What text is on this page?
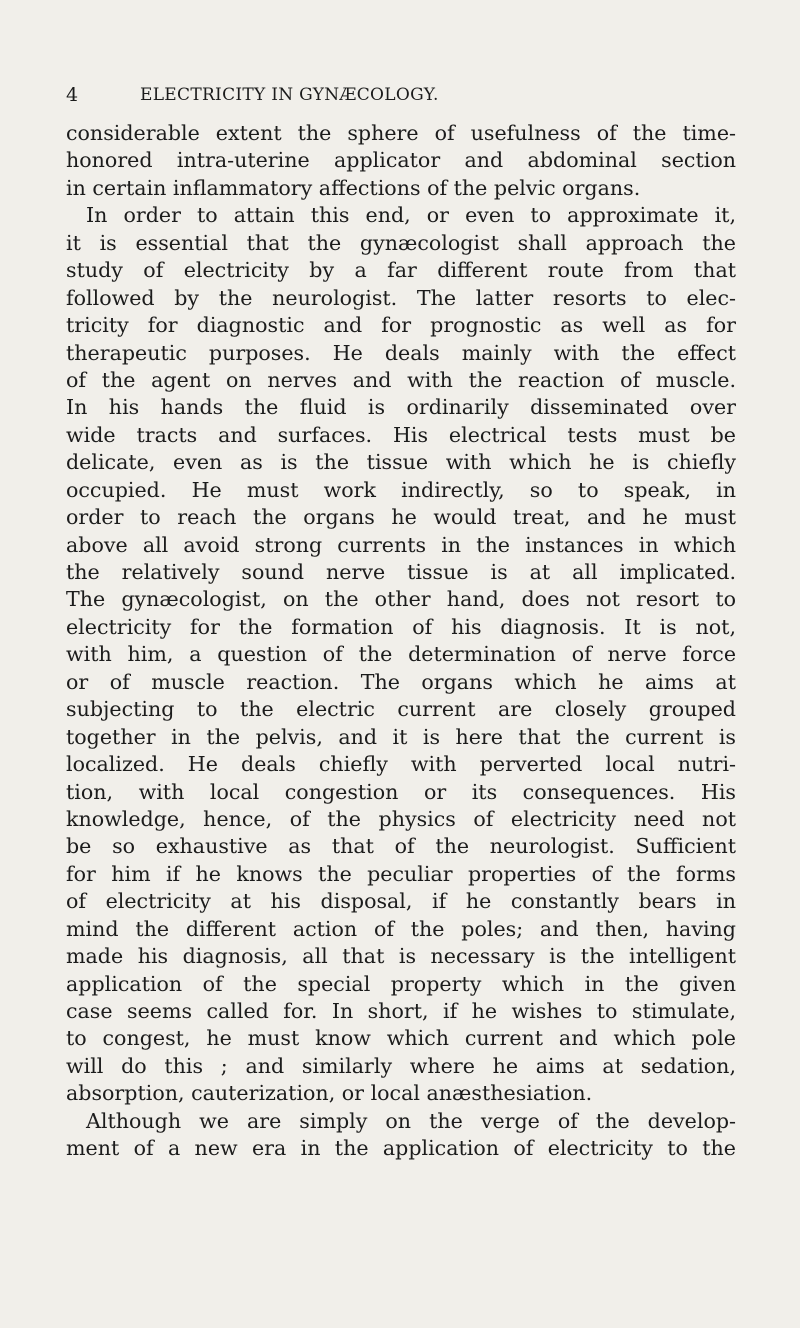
4	ELECTRICITY IN GYNÆCOLOGY.
considerable extent the sphere of usefulness of the time-
honored intra-uterine applicator and abdominal section
in certain inflammatory affections of the pelvic organs.
In order to attain this end, or even to approximate it,
it is essential that the gynæcologist shall approach the
study of electricity by a far different route from that
followed by the neurologist. The latter resorts to elec-
tricity for diagnostic and for prognostic as well as for
therapeutic purposes. He deals mainly with the effect
of the agent on nerves and with the reaction of muscle.
In his hands the fluid is ordinarily disseminated over
wide tracts and surfaces. His electrical tests must be
delicate, even as is the tissue with which he is chiefly
occupied. He must work indirectly, so to speak, in
order to reach the organs he would treat, and he must
above all avoid strong currents in the instances in which
the relatively sound nerve tissue is at all implicated.
The gynæcologist, on the other hand, does not resort to
electricity for the formation of his diagnosis. It is not,
with him, a question of the determination of nerve force
or of muscle reaction. The organs which he aims at
subjecting to the electric current are closely grouped
together in the pelvis, and it is here that the current is
localized. He deals chiefly with perverted local nutri-
tion, with local congestion or its consequences. His
knowledge, hence, of the physics of electricity need not
be so exhaustive as that of the neurologist. Sufficient
for him if he knows the peculiar properties of the forms
of electricity at his disposal, if he constantly bears in
mind the different action of the poles; and then, having
made his diagnosis, all that is necessary is the intelligent
application of the special property which in the given
case seems called for. In short, if he wishes to stimulate,
to congest, he must know which current and which pole
will do this ; and similarly where he aims at sedation,
absorption, cauterization, or local anæsthesiation.
Although we are simply on the verge of the develop-
ment of a new era in the application of electricity to the
